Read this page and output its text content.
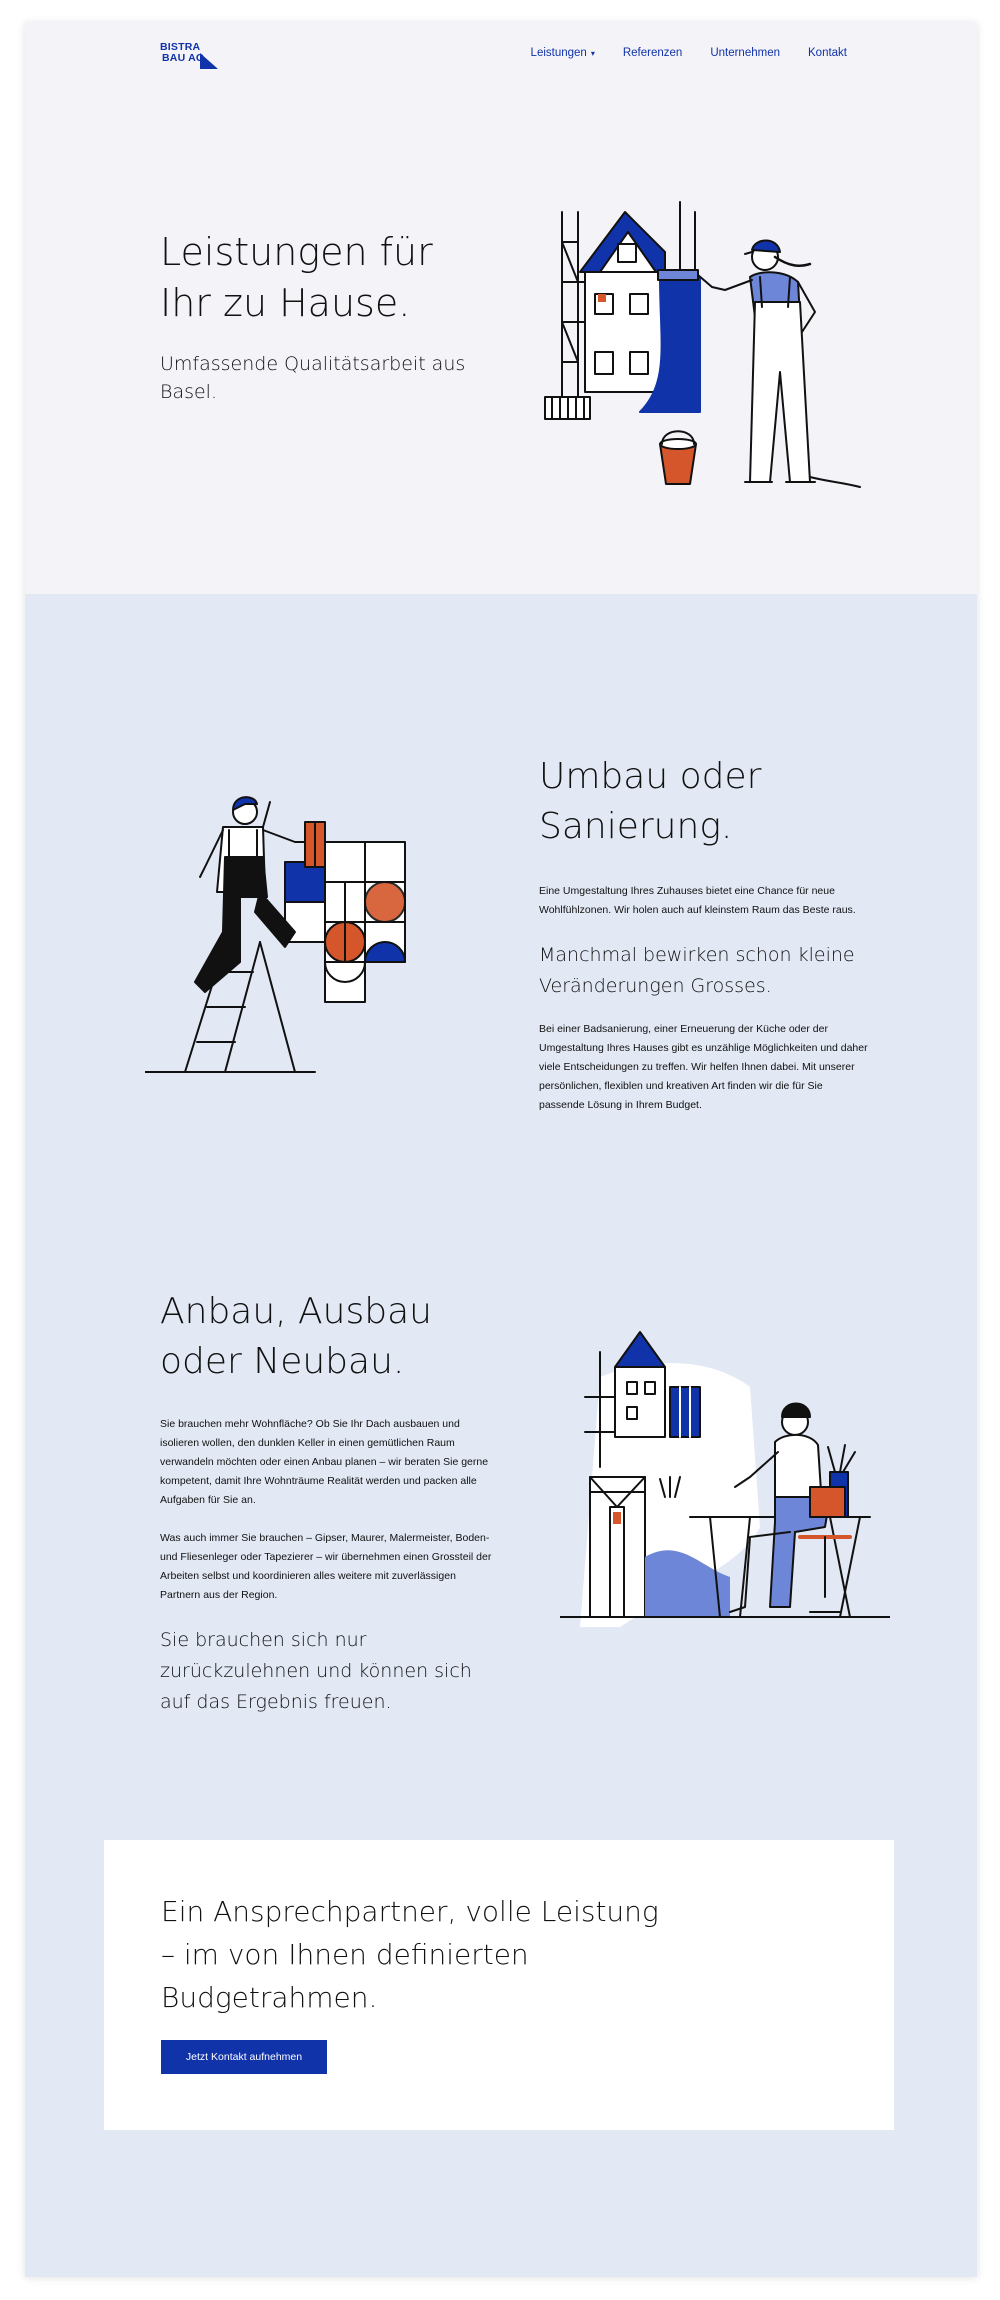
BISTRA
BAU AG	Leistungen ▾ Referenzen Unternehmen Kontakt
Leistungen für Ihr zu Hause.

Umfassende Qualitätsarbeit aus Basel.

Umbau oder Sanierung.

Eine Umgestaltung Ihres Zuhauses bietet eine Chance für neue Wohlfühlzonen. Wir holen auch auf kleinstem Raum das Beste raus.

Manchmal bewirken schon kleine Veränderungen Grosses.

Bei einer Badsanierung, einer Erneuerung der Küche oder der Umgestaltung Ihres Hauses gibt es unzählige Möglichkeiten und daher viele Entscheidungen zu treffen. Wir helfen Ihnen dabei. Mit unserer persönlichen, flexiblen und kreativen Art finden wir die für Sie passende Lösung in Ihrem Budget.

Anbau, Ausbau oder Neubau.

Sie brauchen mehr Wohnfläche? Ob Sie Ihr Dach ausbauen und isolieren wollen, den dunklen Keller in einen gemütlichen Raum verwandeln möchten oder einen Anbau planen – wir beraten Sie gerne kompetent, damit Ihre Wohnträume Realität werden und packen alle Aufgaben für Sie an.

Was auch immer Sie brauchen – Gipser, Maurer, Malermeister, Boden- und Fliesenleger oder Tapezierer – wir übernehmen einen Grossteil der Arbeiten selbst und koordinieren alles weitere mit zuverlässigen Partnern aus der Region.

Sie brauchen sich nur zurückzulehnen und können sich auf das Ergebnis freuen.
Ein Ansprechpartner, volle Leistung – im von Ihnen definierten Budgetrahmen.
Jetzt Kontakt aufnehmen
